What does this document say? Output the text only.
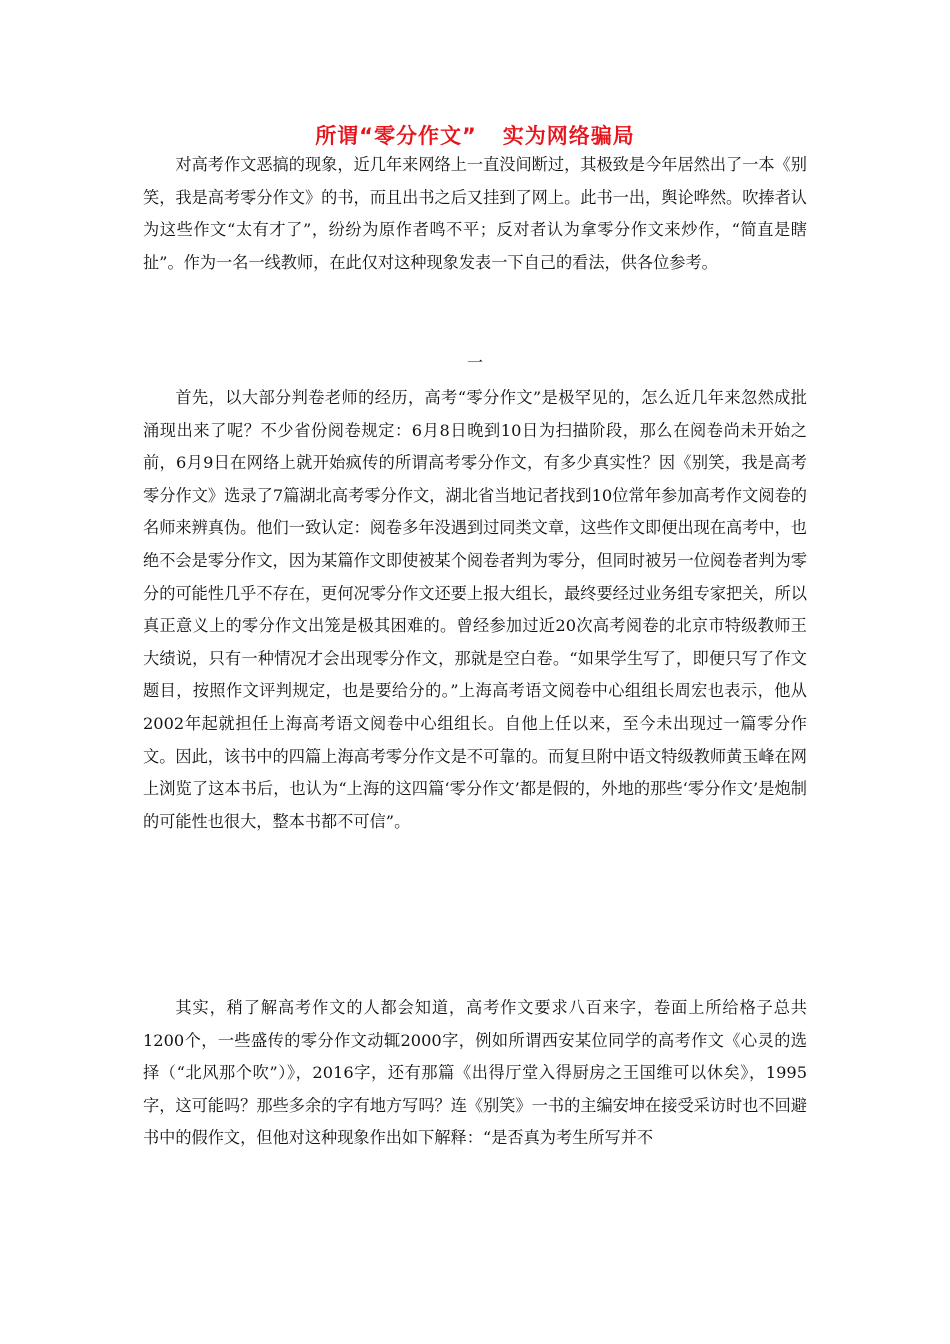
所谓“零分作文” 实为网络骗局

对高考作文恶搞的现象，近几年来网络上一直没间断过，其极致是今年居然出了一本《别笑，我是高考零分作文》的书，而且出书之后又挂到了网上。此书一出，舆论哗然。吹捧者认为这些作文“太有才了”，纷纷为原作者鸣不平；反对者认为拿零分作文来炒作，“简直是瞎扯”。作为一名一线教师，在此仅对这种现象发表一下自己的看法，供各位参考。

一

首先，以大部分判卷老师的经历，高考“零分作文”是极罕见的，怎么近几年来忽然成批涌现出来了呢？不少省份阅卷规定：6月8日晚到10日为扫描阶段，那么在阅卷尚未开始之前，6月9日在网络上就开始疯传的所谓高考零分作文，有多少真实性？因《别笑，我是高考零分作文》选录了7篇湖北高考零分作文，湖北省当地记者找到10位常年参加高考作文阅卷的名师来辨真伪。他们一致认定：阅卷多年没遇到过同类文章，这些作文即便出现在高考中，也绝不会是零分作文，因为某篇作文即使被某个阅卷者判为零分，但同时被另一位阅卷者判为零分的可能性几乎不存在，更何况零分作文还要上报大组长，最终要经过业务组专家把关，所以真正意义上的零分作文出笼是极其困难的。曾经参加过近20次高考阅卷的北京市特级教师王大绩说，只有一种情况才会出现零分作文，那就是空白卷。“如果学生写了，即便只写了作文题目，按照作文评判规定，也是要给分的。”上海高考语文阅卷中心组组长周宏也表示，他从2002年起就担任上海高考语文阅卷中心组组长。自他上任以来，至今未出现过一篇零分作文。因此，该书中的四篇上海高考零分作文是不可靠的。而复旦附中语文特级教师黄玉峰在网上浏览了这本书后，也认为“上海的这四篇‘零分作文’都是假的，外地的那些‘零分作文’是炮制的可能性也很大，整本书都不可信”。

其实，稍了解高考作文的人都会知道，高考作文要求八百来字，卷面上所给格子总共1200个，一些盛传的零分作文动辄2000字，例如所谓西安某位同学的高考作文《心灵的选择（“北风那个吹”）》，2016字，还有那篇《出得厅堂入得厨房之王国维可以休矣》，1995字，这可能吗？那些多余的字有地方写吗？连《别笑》一书的主编安坤在接受采访时也不回避书中的假作文，但他对这种现象作出如下解释：“是否真为考生所写并不
